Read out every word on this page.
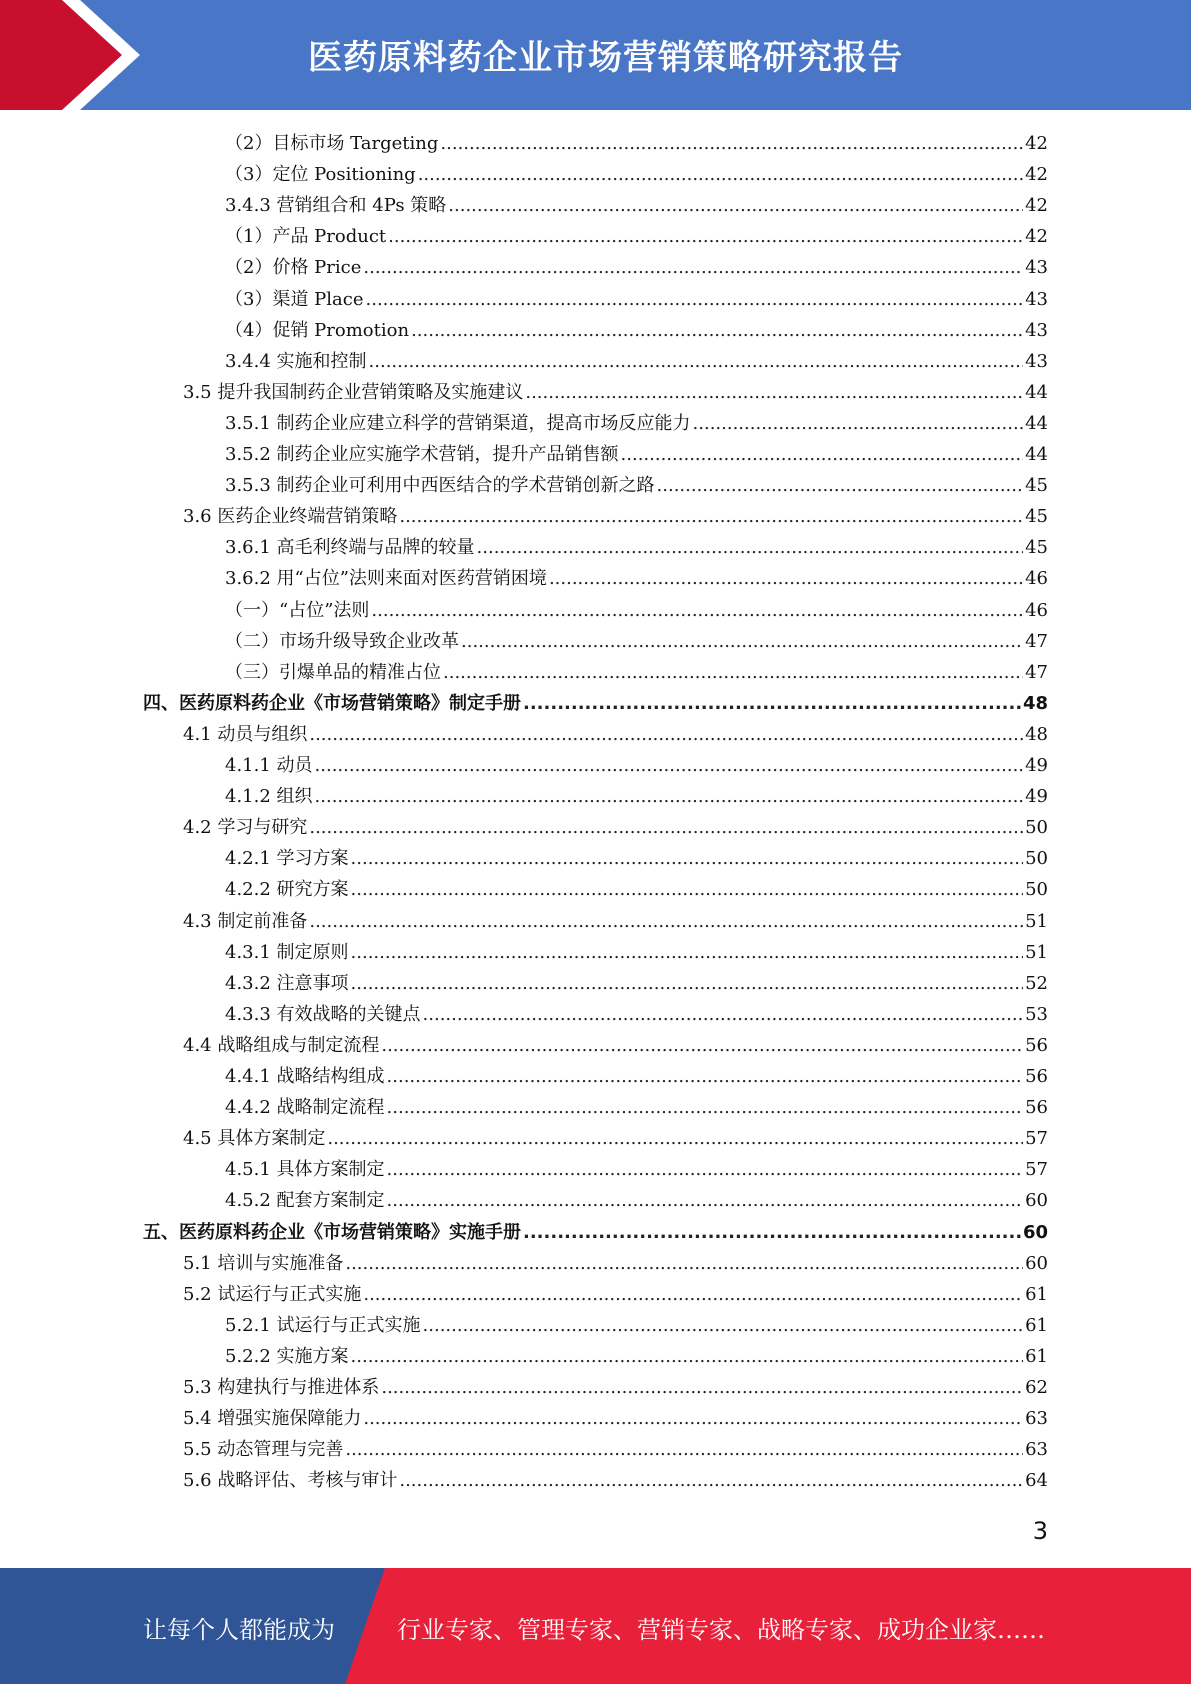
医药原料药企业市场营销策略研究报告
（2）目标市场 Targeting .....	42
（3）定位 Positioning .....	42
3.4.3 营销组合和 4Ps 策略 .....	42
（1）产品 Product .....	42
（2）价格 Price .....	43
（3）渠道 Place .....	43
（4）促销 Promotion .....	43
3.4.4 实施和控制 .....	43
3.5 提升我国制药企业营销策略及实施建议 .....	44
3.5.1 制药企业应建立科学的营销渠道，提高市场反应能力 .....	44
3.5.2 制药企业应实施学术营销，提升产品销售额 .....	44
3.5.3 制药企业可利用中西医结合的学术营销创新之路 .....	45
3.6 医药企业终端营销策略 .....	45
3.6.1 高毛利终端与品牌的较量 .....	45
3.6.2 用“占位”法则来面对医药营销困境 .....	46
（一）“占位”法则 .....	46
（二）市场升级导致企业改革 .....	47
（三）引爆单品的精准占位 .....	47
四、医药原料药企业《市场营销策略》制定手册 .....	48
4.1 动员与组织 .....	48
4.1.1 动员 .....	49
4.1.2 组织 .....	49
4.2 学习与研究 .....	50
4.2.1 学习方案 .....	50
4.2.2 研究方案 .....	50
4.3 制定前准备 .....	51
4.3.1 制定原则 .....	51
4.3.2 注意事项 .....	52
4.3.3 有效战略的关键点 .....	53
4.4 战略组成与制定流程 .....	56
4.4.1 战略结构组成 .....	56
4.4.2 战略制定流程 .....	56
4.5 具体方案制定 .....	57
4.5.1 具体方案制定 .....	57
4.5.2 配套方案制定 .....	60
五、医药原料药企业《市场营销策略》实施手册 .....	60
5.1 培训与实施准备 .....	60
5.2 试运行与正式实施 .....	61
5.2.1 试运行与正式实施 .....	61
5.2.2 实施方案 .....	61
5.3 构建执行与推进体系 .....	62
5.4 增强实施保障能力 .....	63
5.5 动态管理与完善 .....	63
5.6 战略评估、考核与审计 .....	64
3
让每个人都能成为	行业专家、管理专家、营销专家、战略专家、成功企业家……
